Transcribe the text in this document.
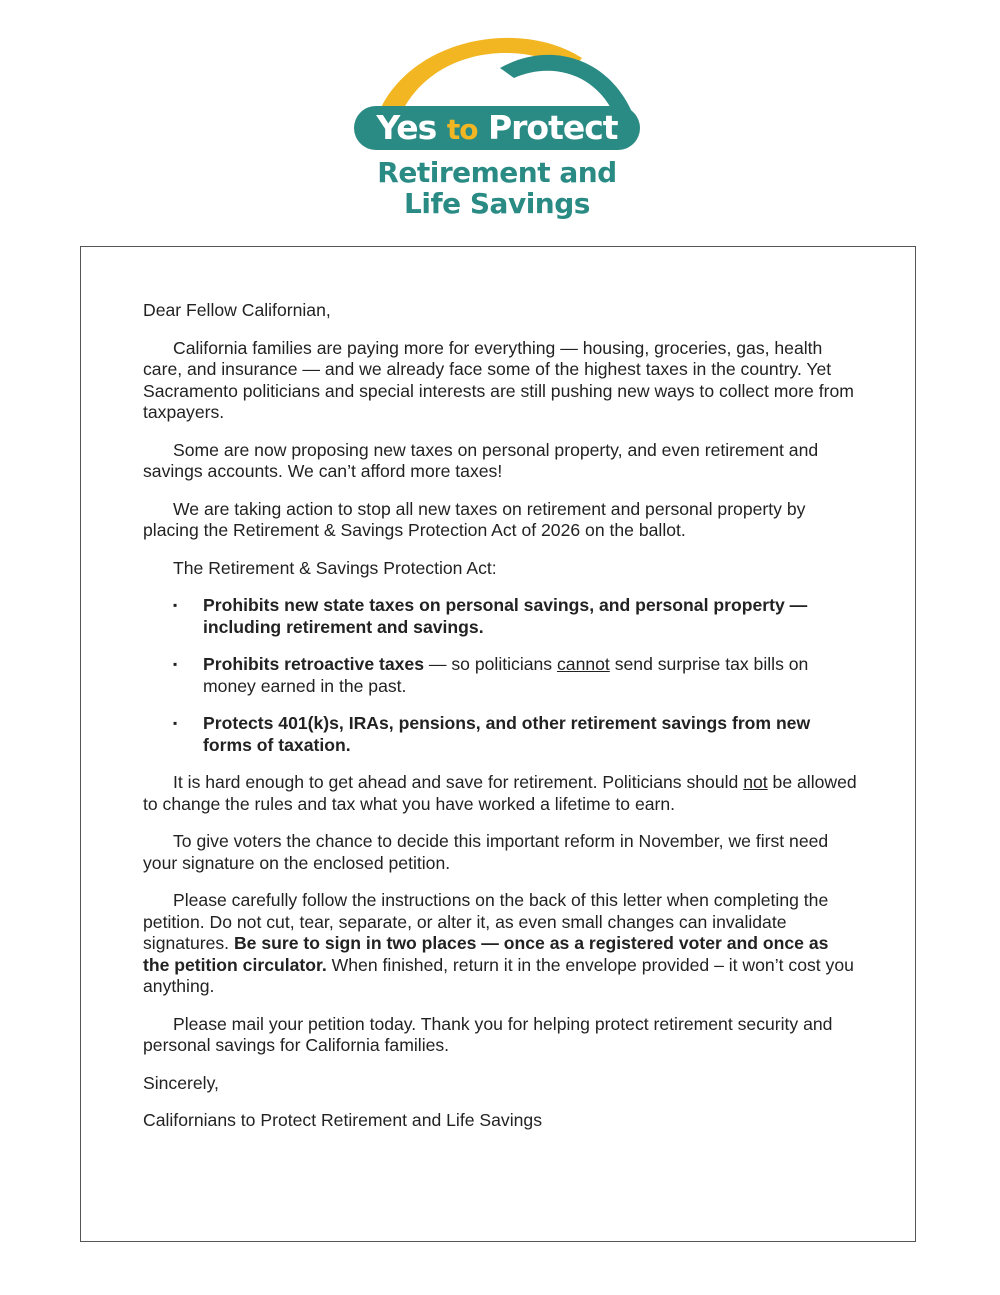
Yes to Protect
Retirement and
Life Savings

Dear Fellow Californian,

California families are paying more for everything — housing, groceries, gas, health care, and insurance — and we already face some of the highest taxes in the country. Yet Sacramento politicians and special interests are still pushing new ways to collect more from taxpayers.

Some are now proposing new taxes on personal property, and even retirement and savings accounts. We can’t afford more taxes!

We are taking action to stop all new taxes on retirement and personal property by placing the Retirement & Savings Protection Act of 2026 on the ballot.

The Retirement & Savings Protection Act:

▪ Prohibits new state taxes on personal savings, and personal property — including retirement and savings.
▪ Prohibits retroactive taxes — so politicians cannot send surprise tax bills on money earned in the past.
▪ Protects 401(k)s, IRAs, pensions, and other retirement savings from new forms of taxation.

It is hard enough to get ahead and save for retirement. Politicians should not be allowed to change the rules and tax what you have worked a lifetime to earn.

To give voters the chance to decide this important reform in November, we first need your signature on the enclosed petition.

Please carefully follow the instructions on the back of this letter when completing the petition. Do not cut, tear, separate, or alter it, as even small changes can invalidate signatures. Be sure to sign in two places — once as a registered voter and once as the petition circulator. When finished, return it in the envelope provided – it won’t cost you anything.

Please mail your petition today. Thank you for helping protect retirement security and personal savings for California families.

Sincerely,

Californians to Protect Retirement and Life Savings
